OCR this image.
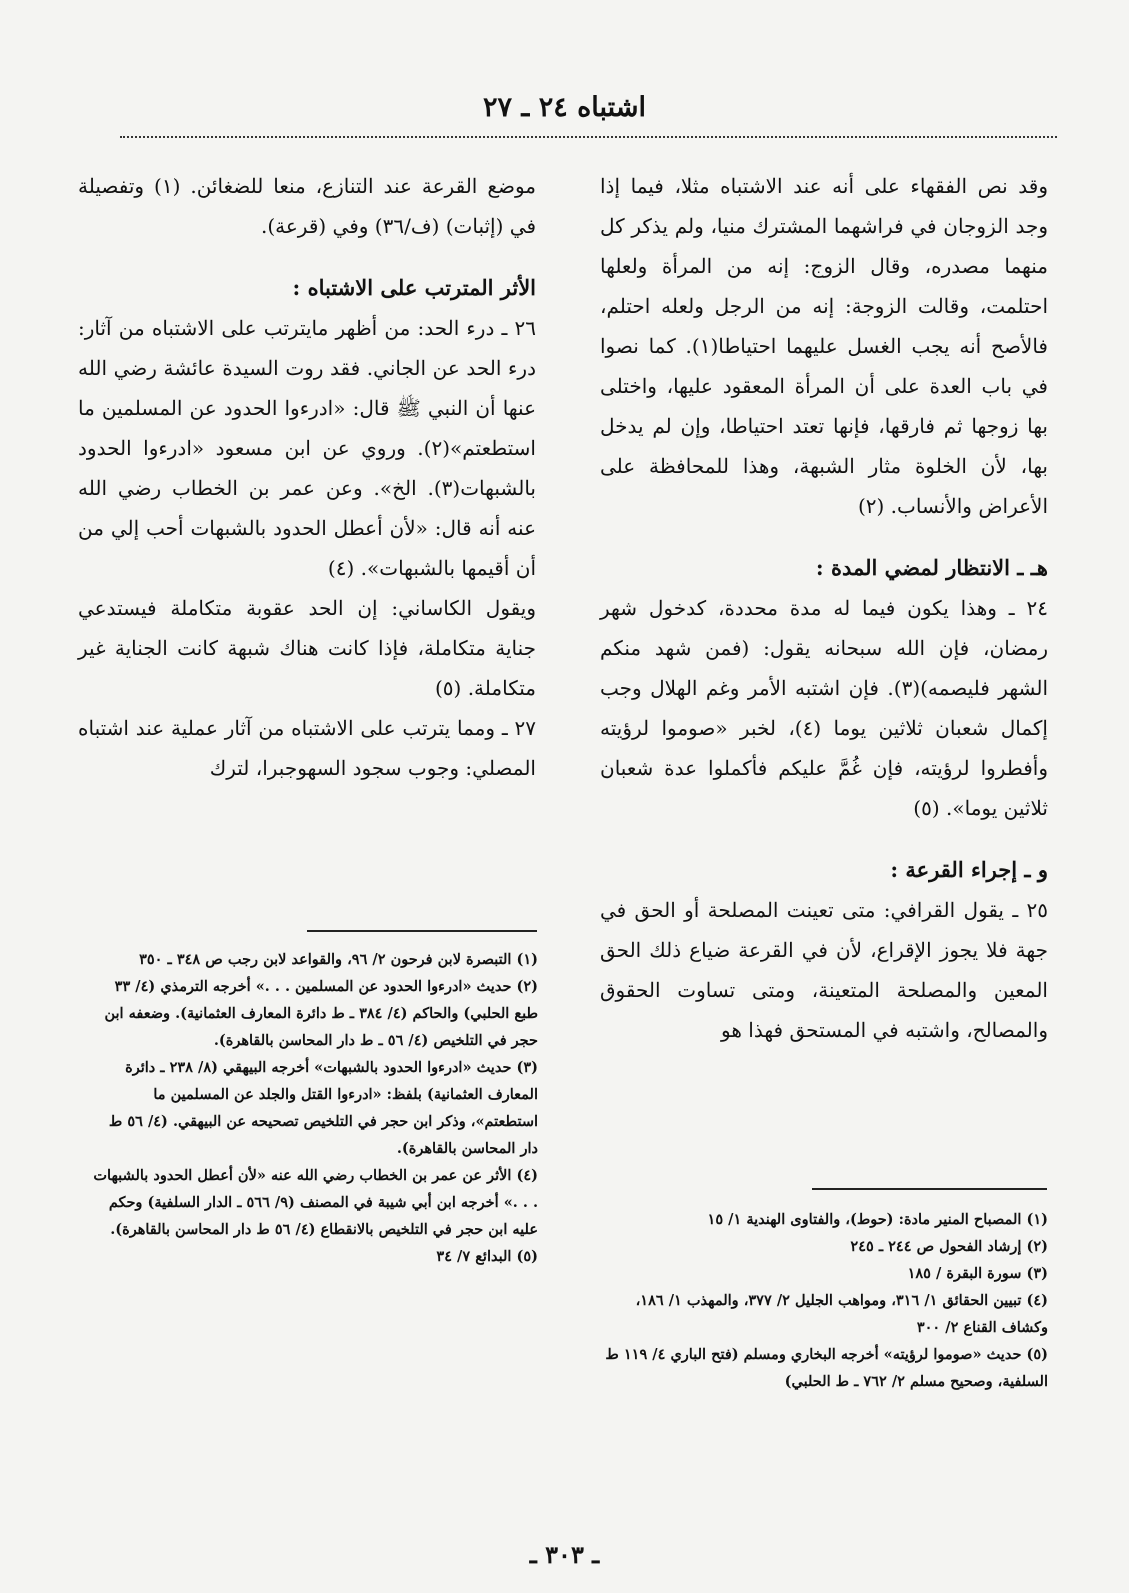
اشتباه ٢٤ ـ ٢٧

وقد نص الفقهاء على أنه عند الاشتباه مثلا، فيما إذا وجد الزوجان في فراشهما المشترك منيا، ولم يذكر كل منهما مصدره، وقال الزوج: إنه من المرأة ولعلها احتلمت، وقالت الزوجة: إنه من الرجل ولعله احتلم، فالأصح أنه يجب الغسل عليهما احتياطا(١). كما نصوا في باب العدة على أن المرأة المعقود عليها، واختلى بها زوجها ثم فارقها، فإنها تعتد احتياطا، وإن لم يدخل بها، لأن الخلوة مثار الشبهة، وهذا للمحافظة على الأعراض والأنساب. (٢)

هـ ـ الانتظار لمضي المدة :

٢٤ ـ وهذا يكون فيما له مدة محددة، كدخول شهر رمضان، فإن الله سبحانه يقول: (فمن شهد منكم الشهر فليصمه)(٣). فإن اشتبه الأمر وغم الهلال وجب إكمال شعبان ثلاثين يوما (٤)، لخبر «صوموا لرؤيته وأفطروا لرؤيته، فإن غُمَّ عليكم فأكملوا عدة شعبان ثلاثين يوما». (٥)

و ـ إجراء القرعة :

٢٥ ـ يقول القرافي: متى تعينت المصلحة أو الحق في جهة فلا يجوز الإقراع، لأن في القرعة ضياع ذلك الحق المعين والمصلحة المتعينة، ومتى تساوت الحقوق والمصالح، واشتبه في المستحق فهذا هو

موضع القرعة عند التنازع، منعا للضغائن. (١) وتفصيلة في (إثبات) (ف/٣٦) وفي (قرعة).

الأثر المترتب على الاشتباه :

٢٦ ـ درء الحد: من أظهر مايترتب على الاشتباه من آثار: درء الحد عن الجاني. فقد روت السيدة عائشة رضي الله عنها أن النبي ﷺ قال: «ادرءوا الحدود عن المسلمين ما استطعتم»(٢). وروي عن ابن مسعود «ادرءوا الحدود بالشبهات(٣). الخ». وعن عمر بن الخطاب رضي الله عنه أنه قال: «لأن أعطل الحدود بالشبهات أحب إلي من أن أقيمها بالشبهات». (٤)

ويقول الكاساني: إن الحد عقوبة متكاملة فيستدعي جناية متكاملة، فإذا كانت هناك شبهة كانت الجناية غير متكاملة. (٥)

٢٧ ـ ومما يترتب على الاشتباه من آثار عملية عند اشتباه المصلي: وجوب سجود السهوجبرا، لترك

(١) التبصرة لابن فرحون ٢/ ٩٦، والقواعد لابن رجب ص ٣٤٨ ـ ٣٥٠

(٢) حديث «ادرءوا الحدود عن المسلمين . . .» أخرجه الترمذي (٤/ ٣٣ طبع الحلبي) والحاكم (٤/ ٣٨٤ ـ ط دائرة المعارف العثمانية). وضعفه ابن حجر في التلخيص (٤/ ٥٦ ـ ط دار المحاسن بالقاهرة).

(٣) حديث «ادرءوا الحدود بالشبهات» أخرجه البيهقي (٨/ ٢٣٨ ـ دائرة المعارف العثمانية) بلفظ: «ادرءوا القتل والجلد عن المسلمين ما استطعتم»، وذكر ابن حجر في التلخيص تصحيحه عن البيهقي. (٤/ ٥٦ ط دار المحاسن بالقاهرة).

(٤) الأثر عن عمر بن الخطاب رضي الله عنه «لأن أعطل الحدود بالشبهات . . .» أخرجه ابن أبي شيبة في المصنف (٩/ ٥٦٦ ـ الدار السلفية) وحكم عليه ابن حجر في التلخيص بالانقطاع (٤/ ٥٦ ط دار المحاسن بالقاهرة).

(٥) البدائع ٧/ ٣٤

(١) المصباح المنير مادة: (حوط)، والفتاوى الهندية ١/ ١٥

(٢) إرشاد الفحول ص ٢٤٤ ـ ٢٤٥

(٣) سورة البقرة / ١٨٥

(٤) تبيين الحقائق ١/ ٣١٦، ومواهب الجليل ٢/ ٣٧٧، والمهذب ١/ ١٨٦، وكشاف القناع ٢/ ٣٠٠

(٥) حديث «صوموا لرؤيته» أخرجه البخاري ومسلم (فتح الباري ٤/ ١١٩ ط السلفية، وصحيح مسلم ٢/ ٧٦٢ ـ ط الحلبي)

ـ ٣٠٣ ـ
